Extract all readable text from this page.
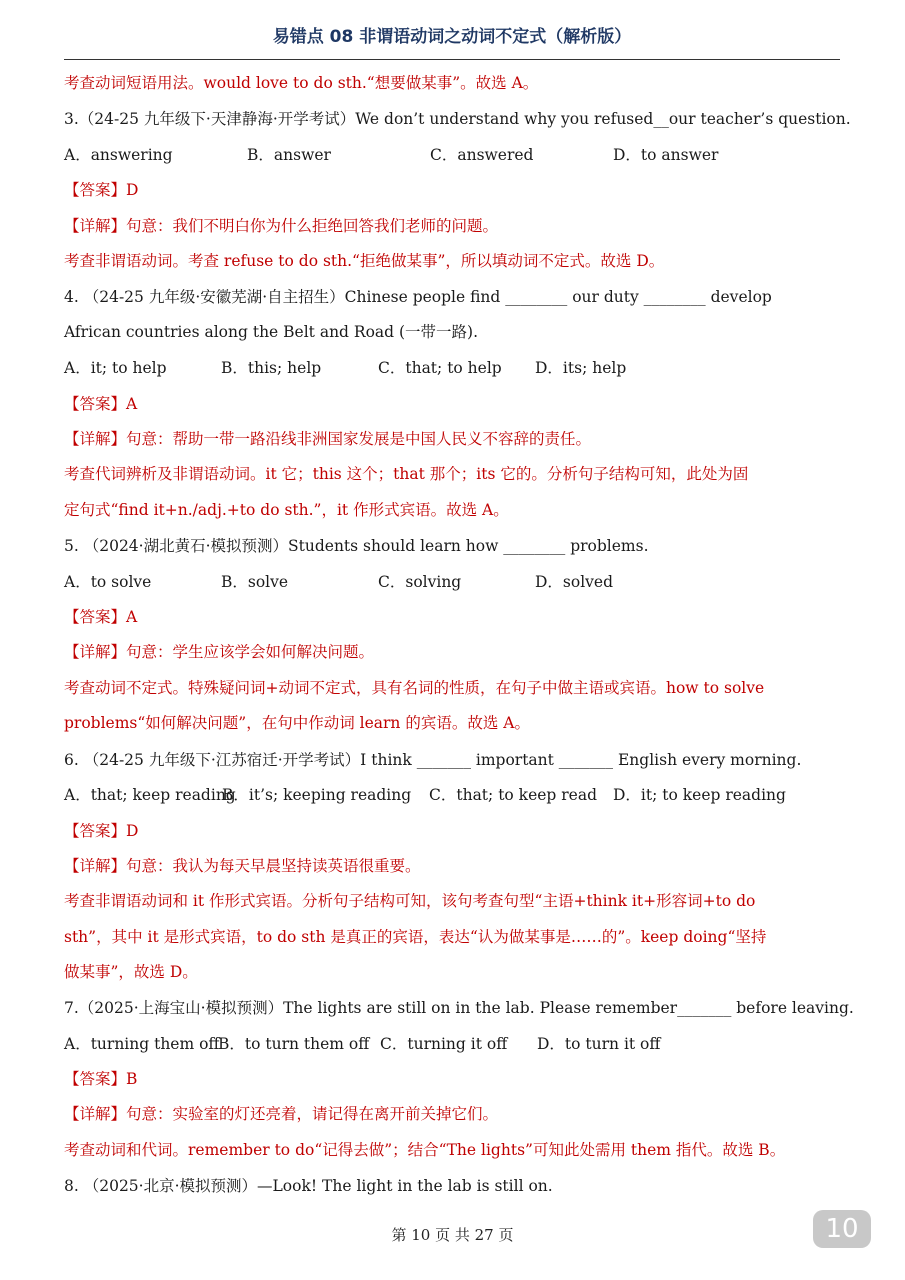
易错点 08 非谓语动词之动词不定式（解析版）
考查动词短语用法。would love to do sth.“想要做某事”。故选 A。
3.（24-25 九年级下·天津静海·开学考试）We don’t understand why you refused__our teacher’s question.
A．answering	B．answer	C．answered	D．to answer
【答案】D
【详解】句意：我们不明白你为什么拒绝回答我们老师的问题。
考查非谓语动词。考查 refuse to do sth.“拒绝做某事”，所以填动词不定式。故选 D。
4. （24-25 九年级·安徽芜湖·自主招生）Chinese people find ________ our duty ________ develop
African countries along the Belt and Road (一带一路).
A．it; to help	B．this; help	C．that; to help D．its; help
【答案】A
【详解】句意：帮助一带一路沿线非洲国家发展是中国人民义不容辞的责任。
考查代词辨析及非谓语动词。it 它；this 这个；that 那个；its 它的。分析句子结构可知，此处为固
定句式“find it+n./adj.+to do sth.”，it 作形式宾语。故选 A。
5. （2024·湖北黄石·模拟预测）Students should learn how ________ problems.
A．to solve	B．solve	C．solving	D．solved
【答案】A
【详解】句意：学生应该学会如何解决问题。
考查动词不定式。特殊疑问词+动词不定式，具有名词的性质，在句子中做主语或宾语。how to solve
problems“如何解决问题”，在句中作动词 learn 的宾语。故选 A。
6. （24-25 九年级下·江苏宿迁·开学考试）I think _______ important _______ English every morning.
A．that; keep readingB．it’s; keeping reading C．that; to keep read D．it; to keep reading
【答案】D
【详解】句意：我认为每天早晨坚持读英语很重要。
考查非谓语动词和 it 作形式宾语。分析句子结构可知，该句考查句型“主语+think it+形容词+to do
sth”，其中 it 是形式宾语，to do sth 是真正的宾语，表达“认为做某事是……的”。keep doing“坚持
做某事”，故选 D。
7.（2025·上海宝山·模拟预测）The lights are still on in the lab. Please remember_______ before leaving.
A．turning them offB．to turn them off C．turning it off D．to turn it off
【答案】B
【详解】句意：实验室的灯还亮着，请记得在离开前关掉它们。
考查动词和代词。remember to do“记得去做”；结合“The lights”可知此处需用 them 指代。故选 B。
8. （2025·北京·模拟预测）—Look! The light in the lab is still on.
第 10 页 共 27 页	10
